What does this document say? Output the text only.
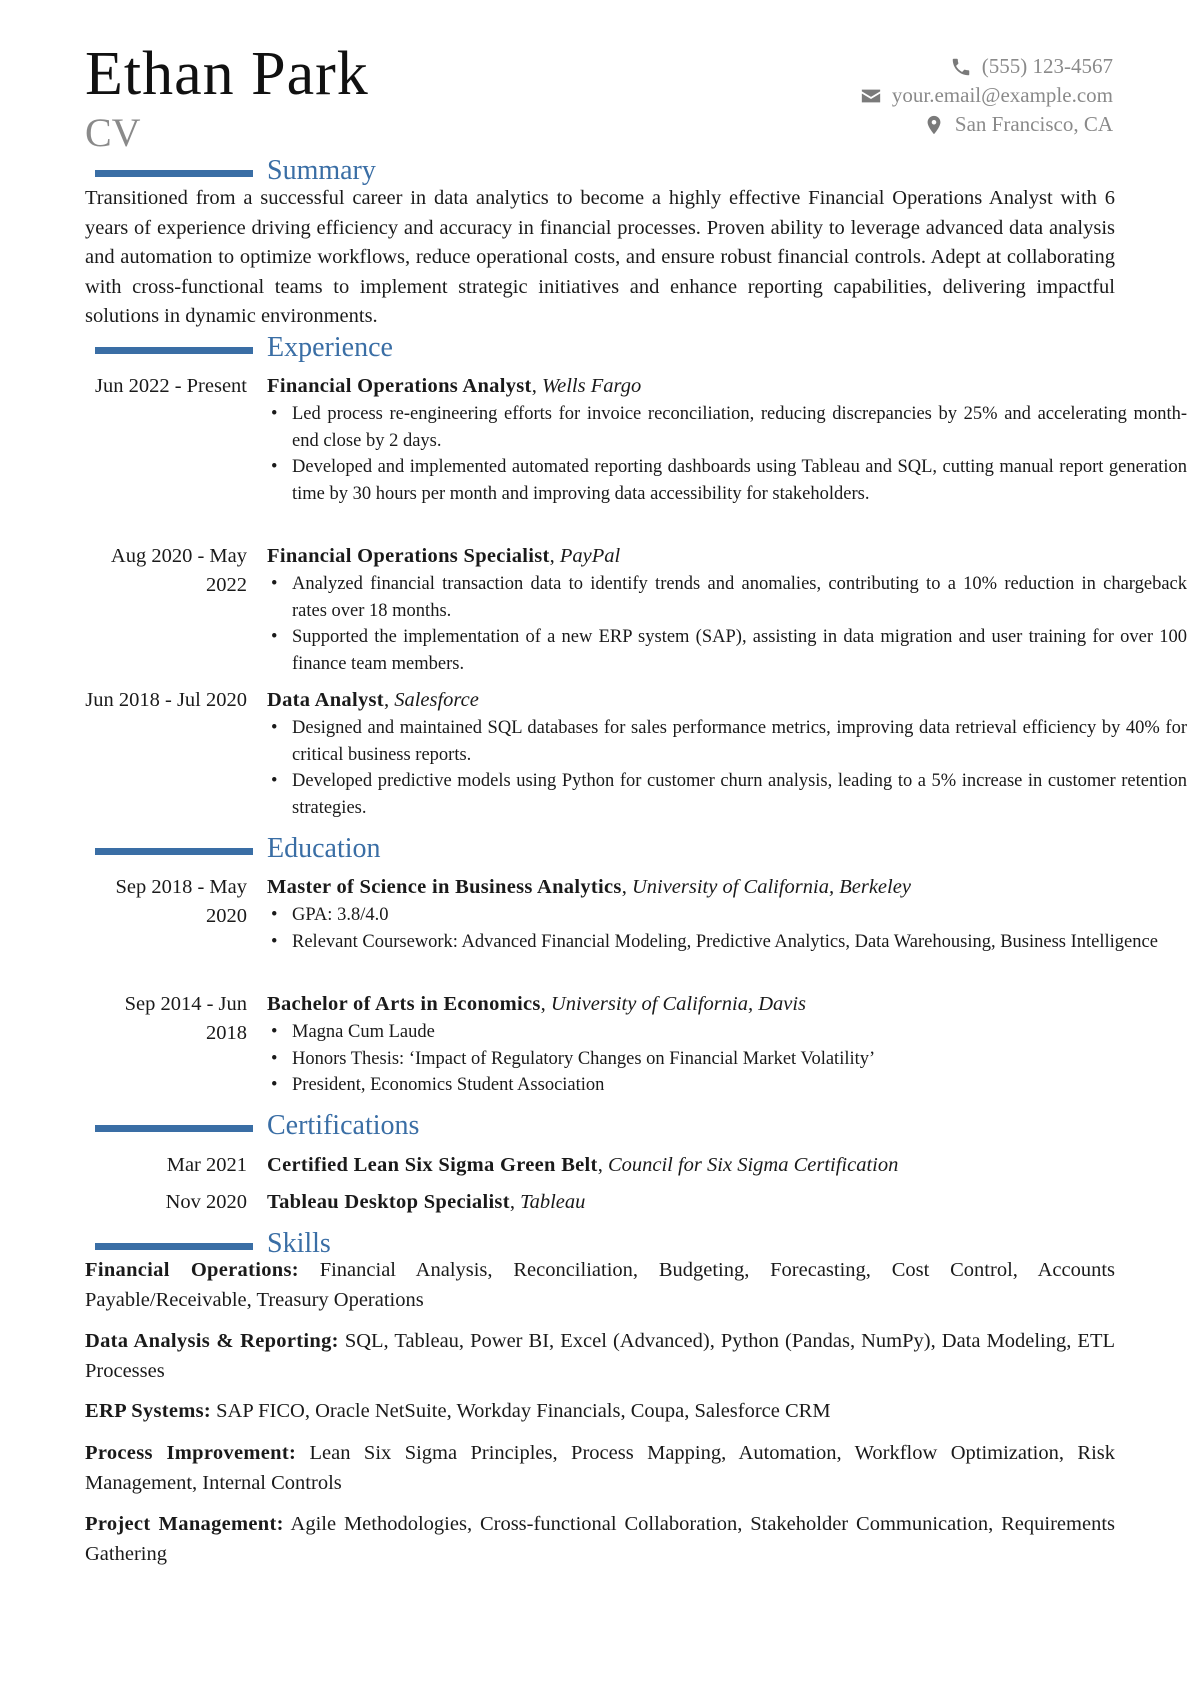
Ethan Park
CV
(555) 123-4567
your.email@example.com
San Francisco, CA
Summary
Transitioned from a successful career in data analytics to become a highly effective Financial Operations Analyst with 6 years of experience driving efficiency and accuracy in financial processes. Proven ability to leverage advanced data analysis and automation to optimize workflows, reduce operational costs, and ensure robust financial controls. Adept at collaborating with cross-functional teams to implement strategic initiatives and enhance reporting capabilities, delivering impactful solutions in dynamic environments.
Experience
Jun 2022 - Present Financial Operations Analyst, Wells Fargo
• Led process re-engineering efforts for invoice reconciliation, reducing discrepancies by 25% and accelerating month-end close by 2 days.
• Developed and implemented automated reporting dashboards using Tableau and SQL, cutting manual report generation time by 30 hours per month and improving data accessibility for stakeholders.
Aug 2020 - May 2022
Financial Operations Specialist, PayPal
• Analyzed financial transaction data to identify trends and anomalies, contributing to a 10% reduction in chargeback rates over 18 months.
• Supported the implementation of a new ERP system (SAP), assisting in data migration and user training for over 100 finance team members.
Jun 2018 - Jul 2020 Data Analyst, Salesforce
• Designed and maintained SQL databases for sales performance metrics, improving data retrieval efficiency by 40% for critical business reports.
• Developed predictive models using Python for customer churn analysis, leading to a 5% increase in customer retention strategies.
Education
Sep 2018 - May 2020
Master of Science in Business Analytics, University of California, Berkeley
• GPA: 3.8/4.0
• Relevant Coursework: Advanced Financial Modeling, Predictive Analytics, Data Warehousing, Business Intelligence
Sep 2014 - Jun 2018
Bachelor of Arts in Economics, University of California, Davis
• Magna Cum Laude
• Honors Thesis: ‘Impact of Regulatory Changes on Financial Market Volatility’
• President, Economics Student Association
Certifications
Mar 2021 Certified Lean Six Sigma Green Belt, Council for Six Sigma Certification
Nov 2020 Tableau Desktop Specialist, Tableau
Skills
Financial Operations: Financial Analysis, Reconciliation, Budgeting, Forecasting, Cost Control, Accounts Payable/Receivable, Treasury Operations
Data Analysis & Reporting: SQL, Tableau, Power BI, Excel (Advanced), Python (Pandas, NumPy), Data Modeling, ETL Processes
ERP Systems: SAP FICO, Oracle NetSuite, Workday Financials, Coupa, Salesforce CRM
Process Improvement: Lean Six Sigma Principles, Process Mapping, Automation, Workflow Optimization, Risk Management, Internal Controls
Project Management: Agile Methodologies, Cross-functional Collaboration, Stakeholder Communication, Requirements Gathering
